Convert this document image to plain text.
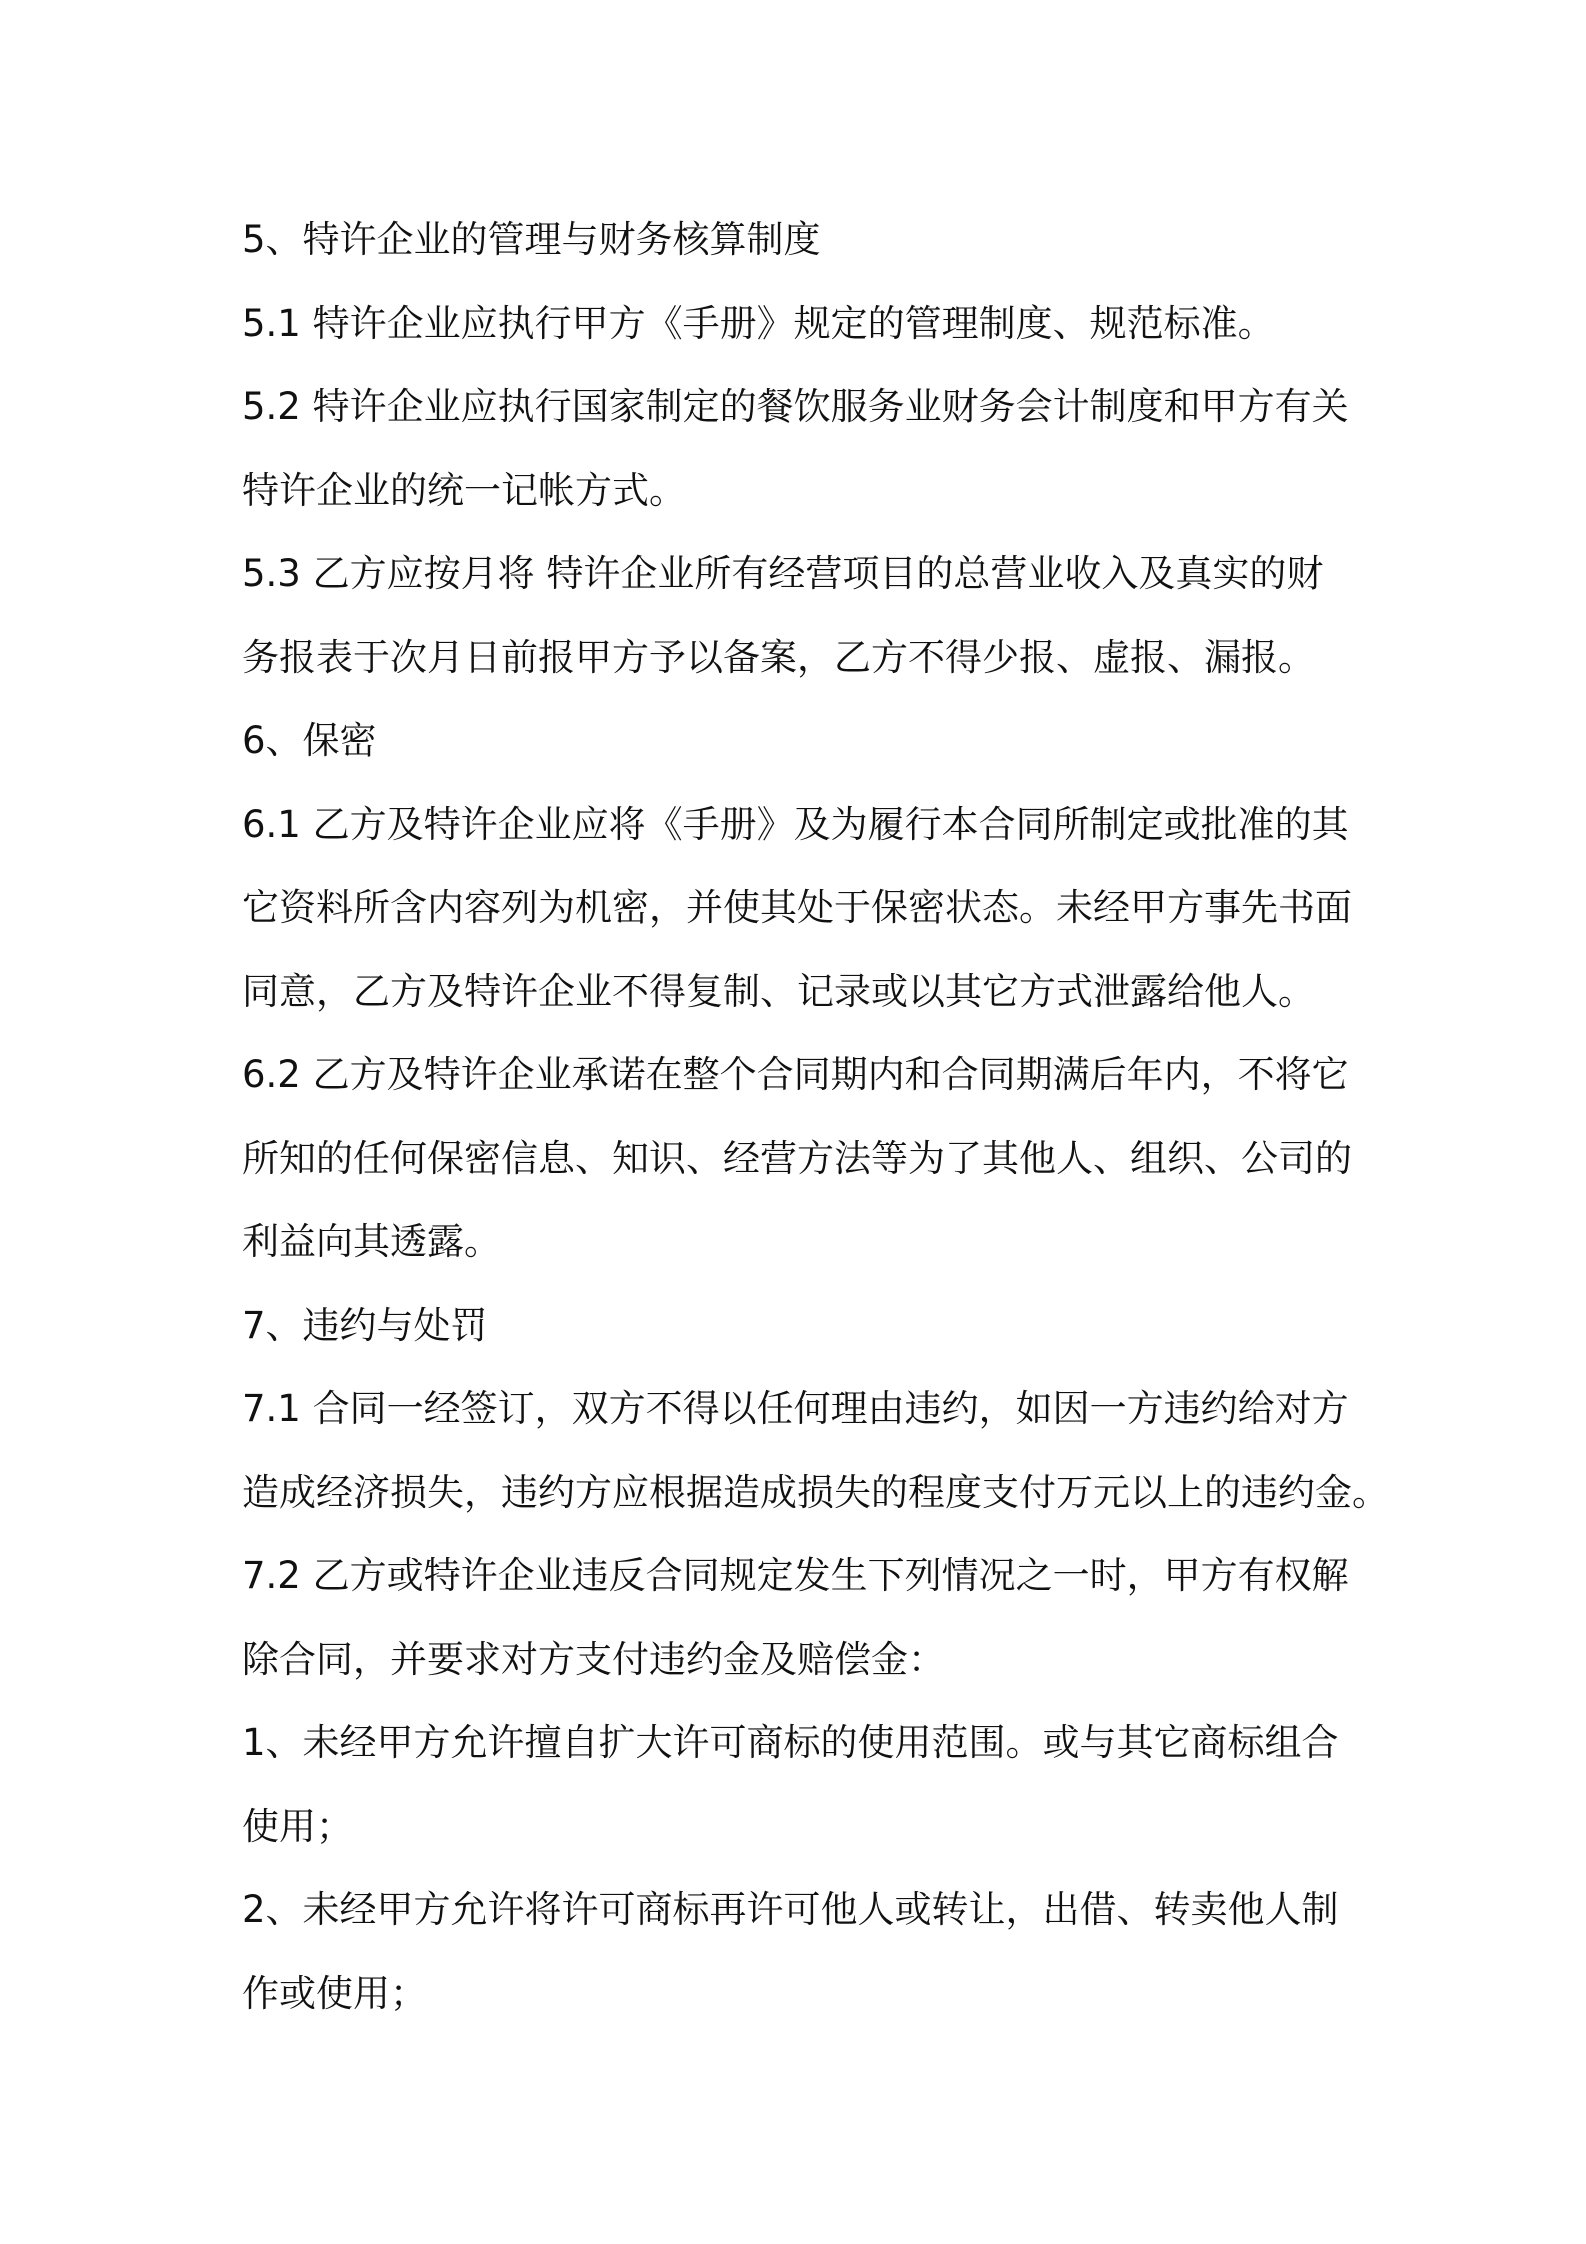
5、特许企业的管理与财务核算制度
5.1 特许企业应执行甲方《手册》规定的管理制度、规范标准。
5.2 特许企业应执行国家制定的餐饮服务业财务会计制度和甲方有关
特许企业的统一记帐方式。
5.3 乙方应按月将 特许企业所有经营项目的总营业收入及真实的财
务报表于次月日前报甲方予以备案，乙方不得少报、虚报、漏报。
6、保密
6.1 乙方及特许企业应将《手册》及为履行本合同所制定或批准的其
它资料所含内容列为机密，并使其处于保密状态。未经甲方事先书面
同意，乙方及特许企业不得复制、记录或以其它方式泄露给他人。
6.2 乙方及特许企业承诺在整个合同期内和合同期满后年内，不将它
所知的任何保密信息、知识、经营方法等为了其他人、组织、公司的
利益向其透露。
7、违约与处罚
7.1 合同一经签订，双方不得以任何理由违约，如因一方违约给对方
造成经济损失，违约方应根据造成损失的程度支付万元以上的违约金。
7.2 乙方或特许企业违反合同规定发生下列情况之一时，甲方有权解
除合同，并要求对方支付违约金及赔偿金：
1、未经甲方允许擅自扩大许可商标的使用范围。或与其它商标组合
使用；
2、未经甲方允许将许可商标再许可他人或转让，出借、转卖他人制
作或使用；
